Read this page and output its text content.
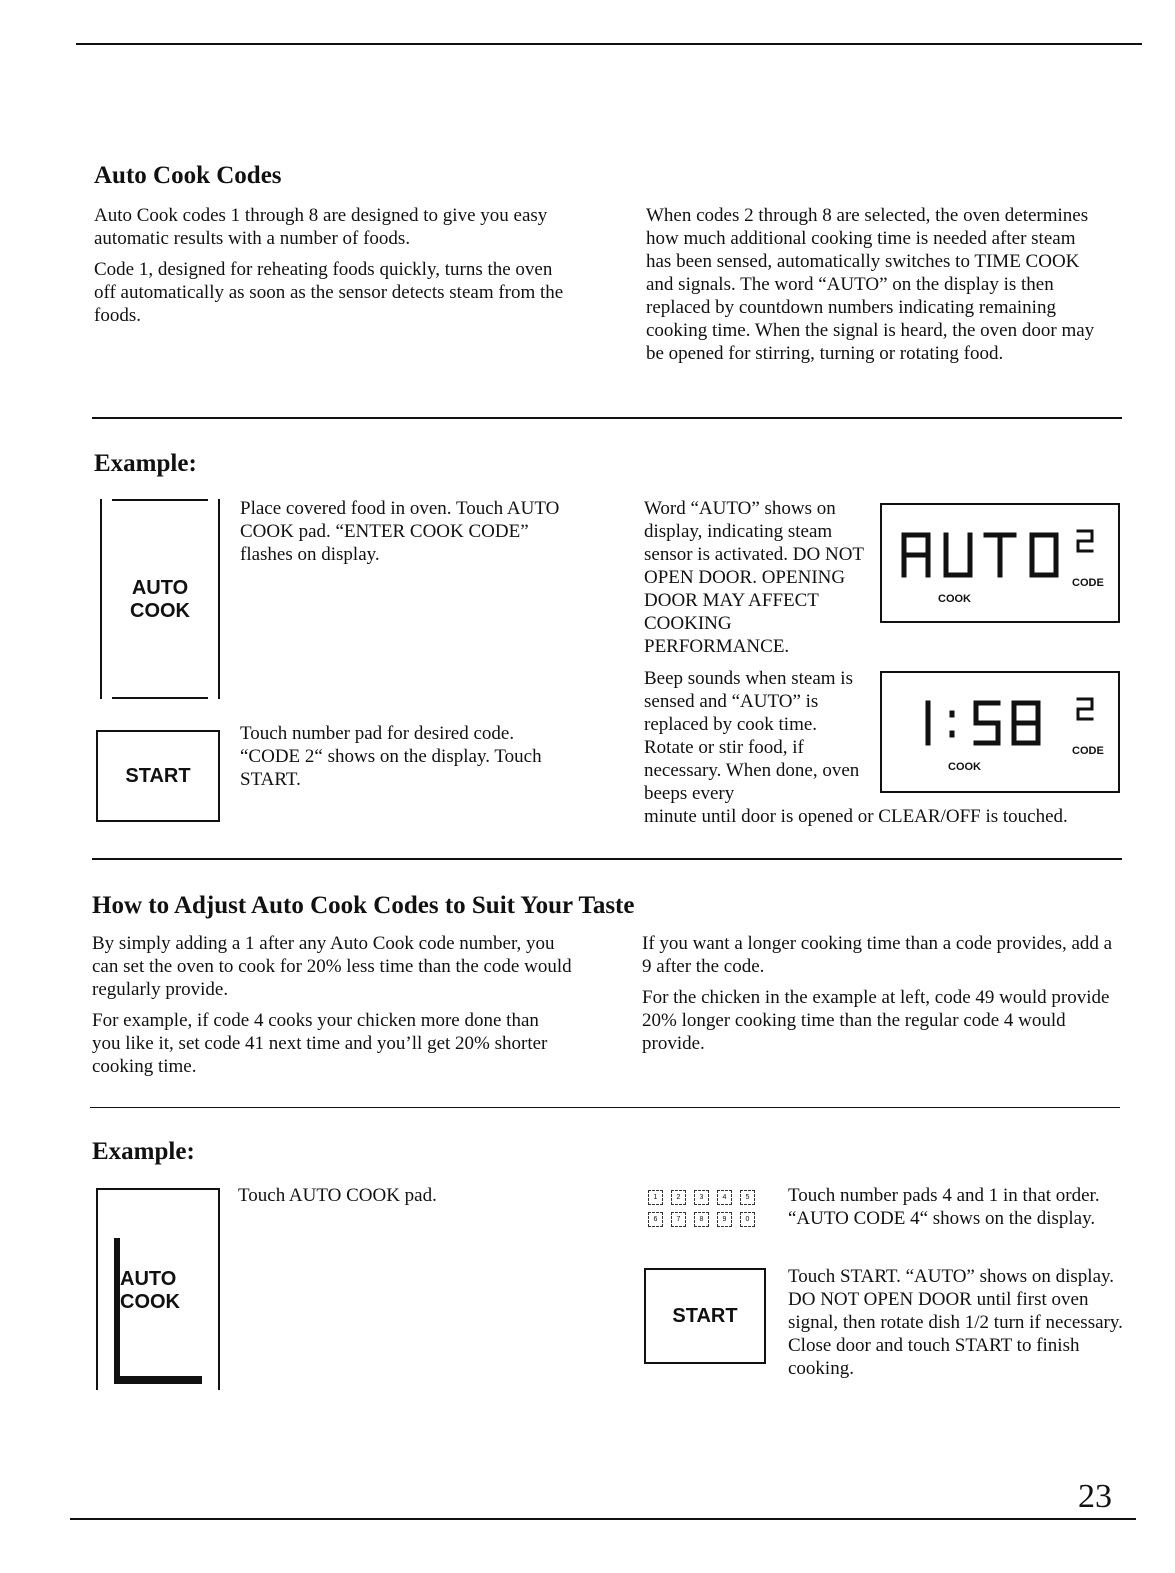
Auto Cook Codes

Auto Cook codes 1 through 8 are designed to give you easy automatic results with a number of foods.

Code 1, designed for reheating foods quickly, turns the oven off automatically as soon as the sensor detects steam from the foods.

When codes 2 through 8 are selected, the oven determines how much additional cooking time is needed after steam has been sensed, automatically switches to TIME COOK and signals. The word “AUTO” on the display is then replaced by countdown numbers indicating remaining cooking time. When the signal is heard, the oven door may be opened for stirring, turning or rotating food.

Example:
AUTO COOK
START
Place covered food in oven. Touch AUTO COOK pad. “ENTER COOK CODE” flashes on display.
Touch number pad for desired code. “CODE 2“ shows on the display. Touch START.
Word “AUTO” shows on display, indicating steam sensor is activated. DO NOT OPEN DOOR. OPENING DOOR MAY AFFECT COOKING PERFORMANCE.
Beep sounds when steam is sensed and “AUTO” is replaced by cook time. Rotate or stir food, if necessary. When done, oven beeps every
minute until door is opened or CLEAR/OFF is touched.
COOK
CODE
COOK
CODE
How to Adjust Auto Cook Codes to Suit Your Taste

By simply adding a 1 after any Auto Cook code number, you can set the oven to cook for 20% less time than the code would regularly provide.

For example, if code 4 cooks your chicken more done than you like it, set code 41 next time and you’ll get 20% shorter cooking time.

If you want a longer cooking time than a code provides, add a 9 after the code.

For the chicken in the example at left, code 49 would provide 20% longer cooking time than the regular code 4 would provide.

Example:
AUTO COOK
Touch AUTO COOK pad.	1	2	3	4	5
6	7	8	9	0
START
Touch number pads 4 and 1 in that order. “AUTO CODE 4“ shows on the display.
Touch START. “AUTO” shows on display. DO NOT OPEN DOOR until first oven signal, then rotate dish 1/2 turn if necessary. Close door and touch START to finish cooking.
23
